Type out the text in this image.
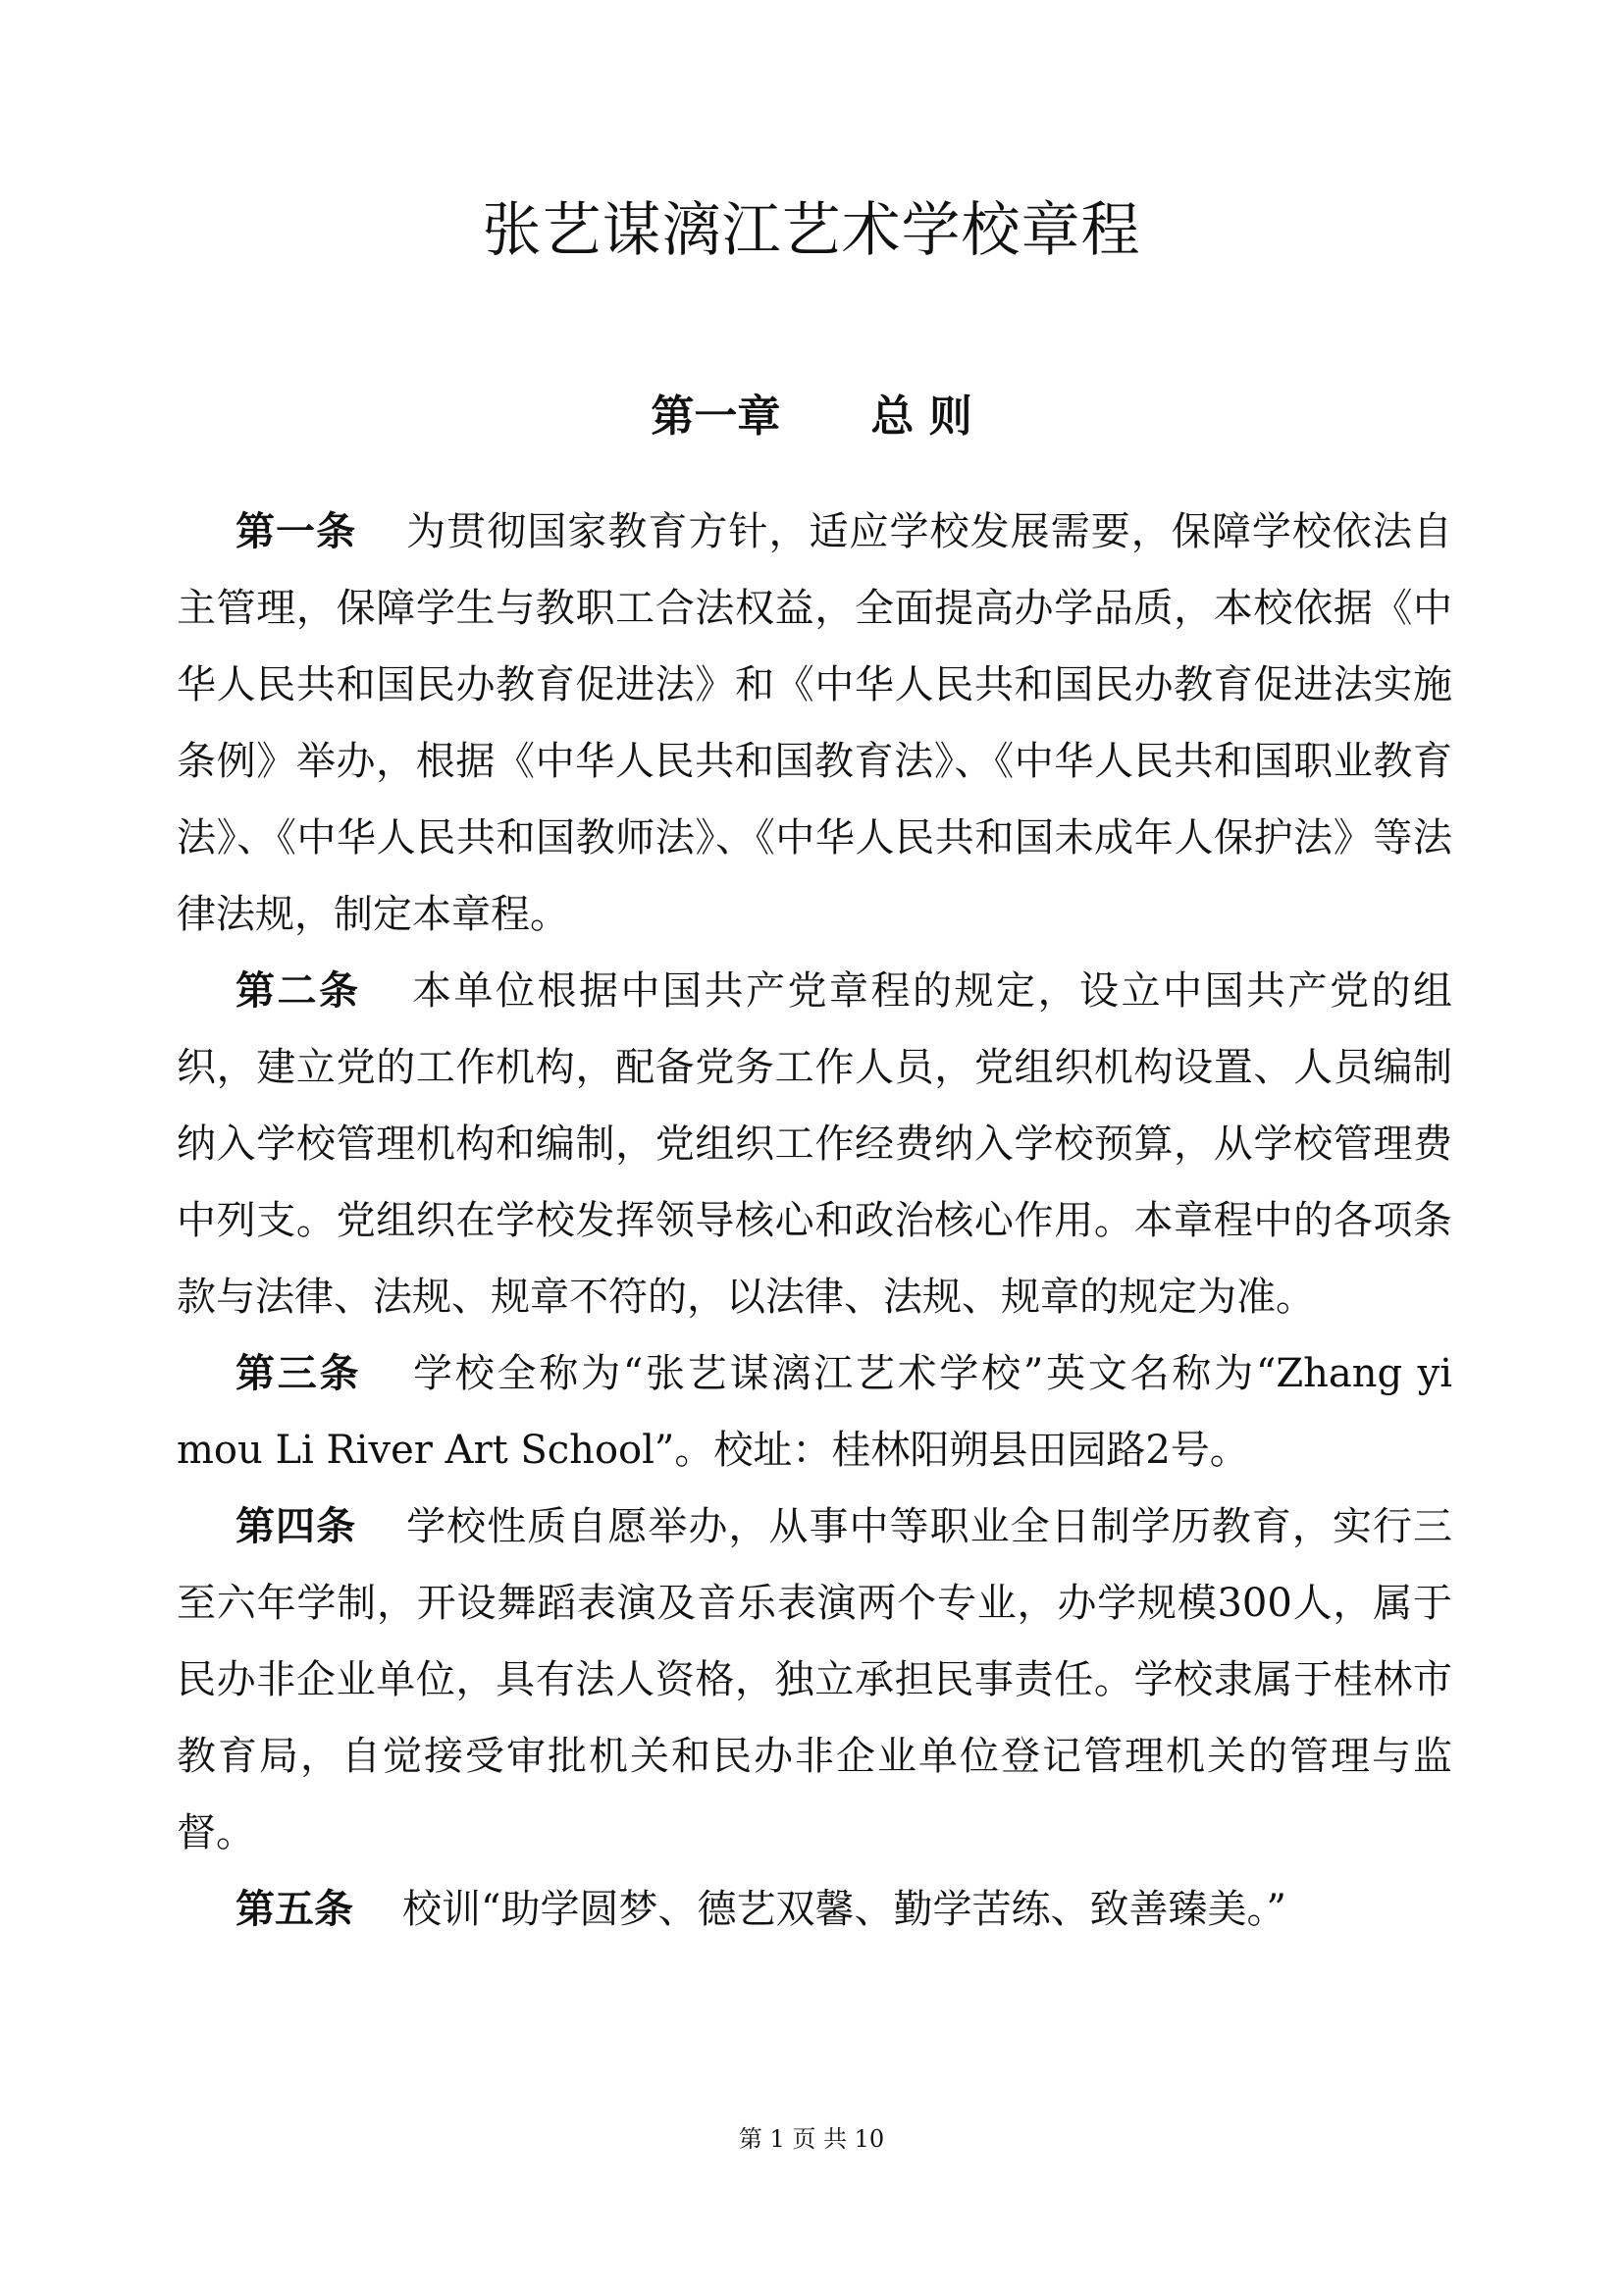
张艺谋漓江艺术学校章程
第一章 总 则

第一条 为贯彻国家教育方针，适应学校发展需要，保障学校依法自主管理，保障学生与教职工合法权益，全面提高办学品质，本校依据《中华人民共和国民办教育促进法》和《中华人民共和国民办教育促进法实施条例》举办，根据《中华人民共和国教育法》、《中华人民共和国职业教育法》、《中华人民共和国教师法》、《中华人民共和国未成年人保护法》等法律法规，制定本章程。

第二条 本单位根据中国共产党章程的规定，设立中国共产党的组织，建立党的工作机构，配备党务工作人员，党组织机构设置、人员编制纳入学校管理机构和编制，党组织工作经费纳入学校预算，从学校管理费中列支。党组织在学校发挥领导核心和政治核心作用。本章程中的各项条款与法律、法规、规章不符的，以法律、法规、规章的规定为准。

第三条 学校全称为“张艺谋漓江艺术学校”英文名称为“Zhang yi mou Li River Art School”。校址：桂林阳朔县田园路2号。

第四条 学校性质自愿举办，从事中等职业全日制学历教育，实行三至六年学制，开设舞蹈表演及音乐表演两个专业，办学规模300人，属于民办非企业单位，具有法人资格，独立承担民事责任。学校隶属于桂林市教育局，自觉接受审批机关和民办非企业单位登记管理机关的管理与监督。

第五条 校训“助学圆梦、德艺双馨、勤学苦练、致善臻美。”

第 1 页 共 10
